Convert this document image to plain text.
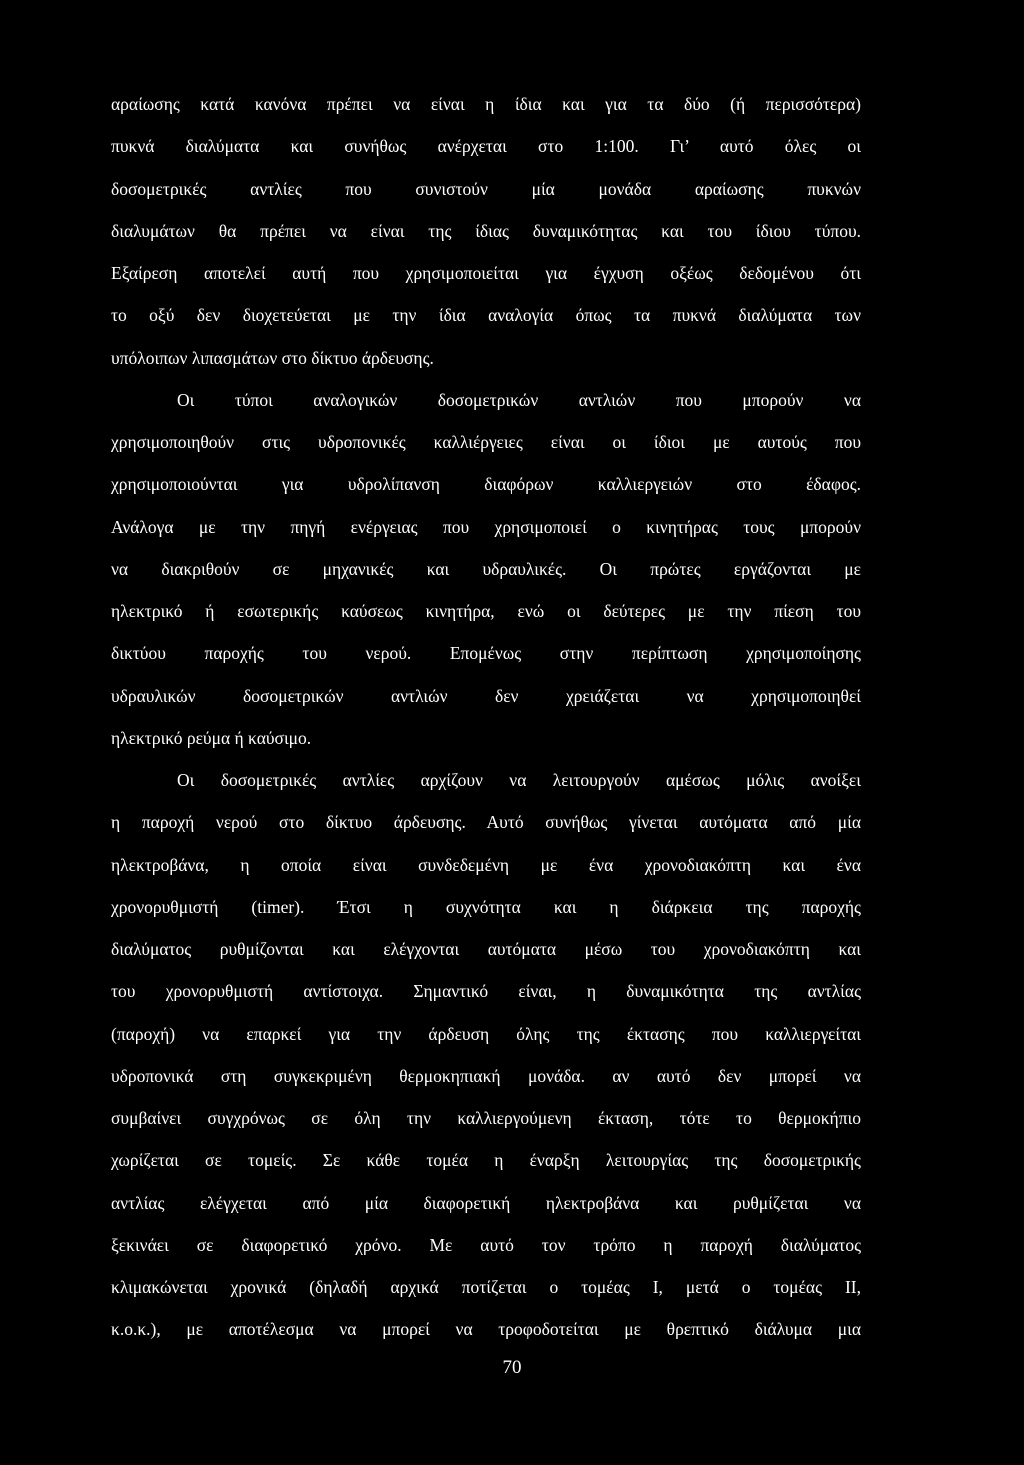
αραίωσης κατά κανόνα πρέπει να είναι η ίδια και για τα δύο (ή περισσότερα)
πυκνά διαλύματα και συνήθως ανέρχεται στο 1:100. Γι’ αυτό όλες οι
δοσομετρικές αντλίες που συνιστούν μία μονάδα αραίωσης πυκνών
διαλυμάτων θα πρέπει να είναι της ίδιας δυναμικότητας και του ίδιου τύπου.
Εξαίρεση αποτελεί αυτή που χρησιμοποιείται για έγχυση οξέως δεδομένου ότι
το οξύ δεν διοχετεύεται με την ίδια αναλογία όπως τα πυκνά διαλύματα των
υπόλοιπων λιπασμάτων στο δίκτυο άρδευσης.
Οι τύποι αναλογικών δοσομετρικών αντλιών που μπορούν να
χρησιμοποιηθούν στις υδροπονικές καλλιέργειες είναι οι ίδιοι με αυτούς που
χρησιμοποιούνται για υδρολίπανση διαφόρων καλλιεργειών στο έδαφος.
Ανάλογα με την πηγή ενέργειας που χρησιμοποιεί ο κινητήρας τους μπορούν
να διακριθούν σε μηχανικές και υδραυλικές. Οι πρώτες εργάζονται με
ηλεκτρικό ή εσωτερικής καύσεως κινητήρα, ενώ οι δεύτερες με την πίεση του
δικτύου παροχής του νερού. Επομένως στην περίπτωση χρησιμοποίησης
υδραυλικών δοσομετρικών αντλιών δεν χρειάζεται να χρησιμοποιηθεί
ηλεκτρικό ρεύμα ή καύσιμο.
Οι δοσομετρικές αντλίες αρχίζουν να λειτουργούν αμέσως μόλις ανοίξει
η παροχή νερού στο δίκτυο άρδευσης. Αυτό συνήθως γίνεται αυτόματα από μία
ηλεκτροβάνα, η οποία είναι συνδεδεμένη με ένα χρονοδιακόπτη και ένα
χρονορυθμιστή (timer). Έτσι η συχνότητα και η διάρκεια της παροχής
διαλύματος ρυθμίζονται και ελέγχονται αυτόματα μέσω του χρονοδιακόπτη και
του χρονορυθμιστή αντίστοιχα. Σημαντικό είναι, η δυναμικότητα της αντλίας
(παροχή) να επαρκεί για την άρδευση όλης της έκτασης που καλλιεργείται
υδροπονικά στη συγκεκριμένη θερμοκηπιακή μονάδα. αν αυτό δεν μπορεί να
συμβαίνει συγχρόνως σε όλη την καλλιεργούμενη έκταση, τότε το θερμοκήπιο
χωρίζεται σε τομείς. Σε κάθε τομέα η έναρξη λειτουργίας της δοσομετρικής
αντλίας ελέγχεται από μία διαφορετική ηλεκτροβάνα και ρυθμίζεται να
ξεκινάει σε διαφορετικό χρόνο. Με αυτό τον τρόπο η παροχή διαλύματος
κλιμακώνεται χρονικά (δηλαδή αρχικά ποτίζεται ο τομέας I, μετά ο τομέας II,
κ.ο.κ.), με αποτέλεσμα να μπορεί να τροφοδοτείται με θρεπτικό διάλυμα μια
70
